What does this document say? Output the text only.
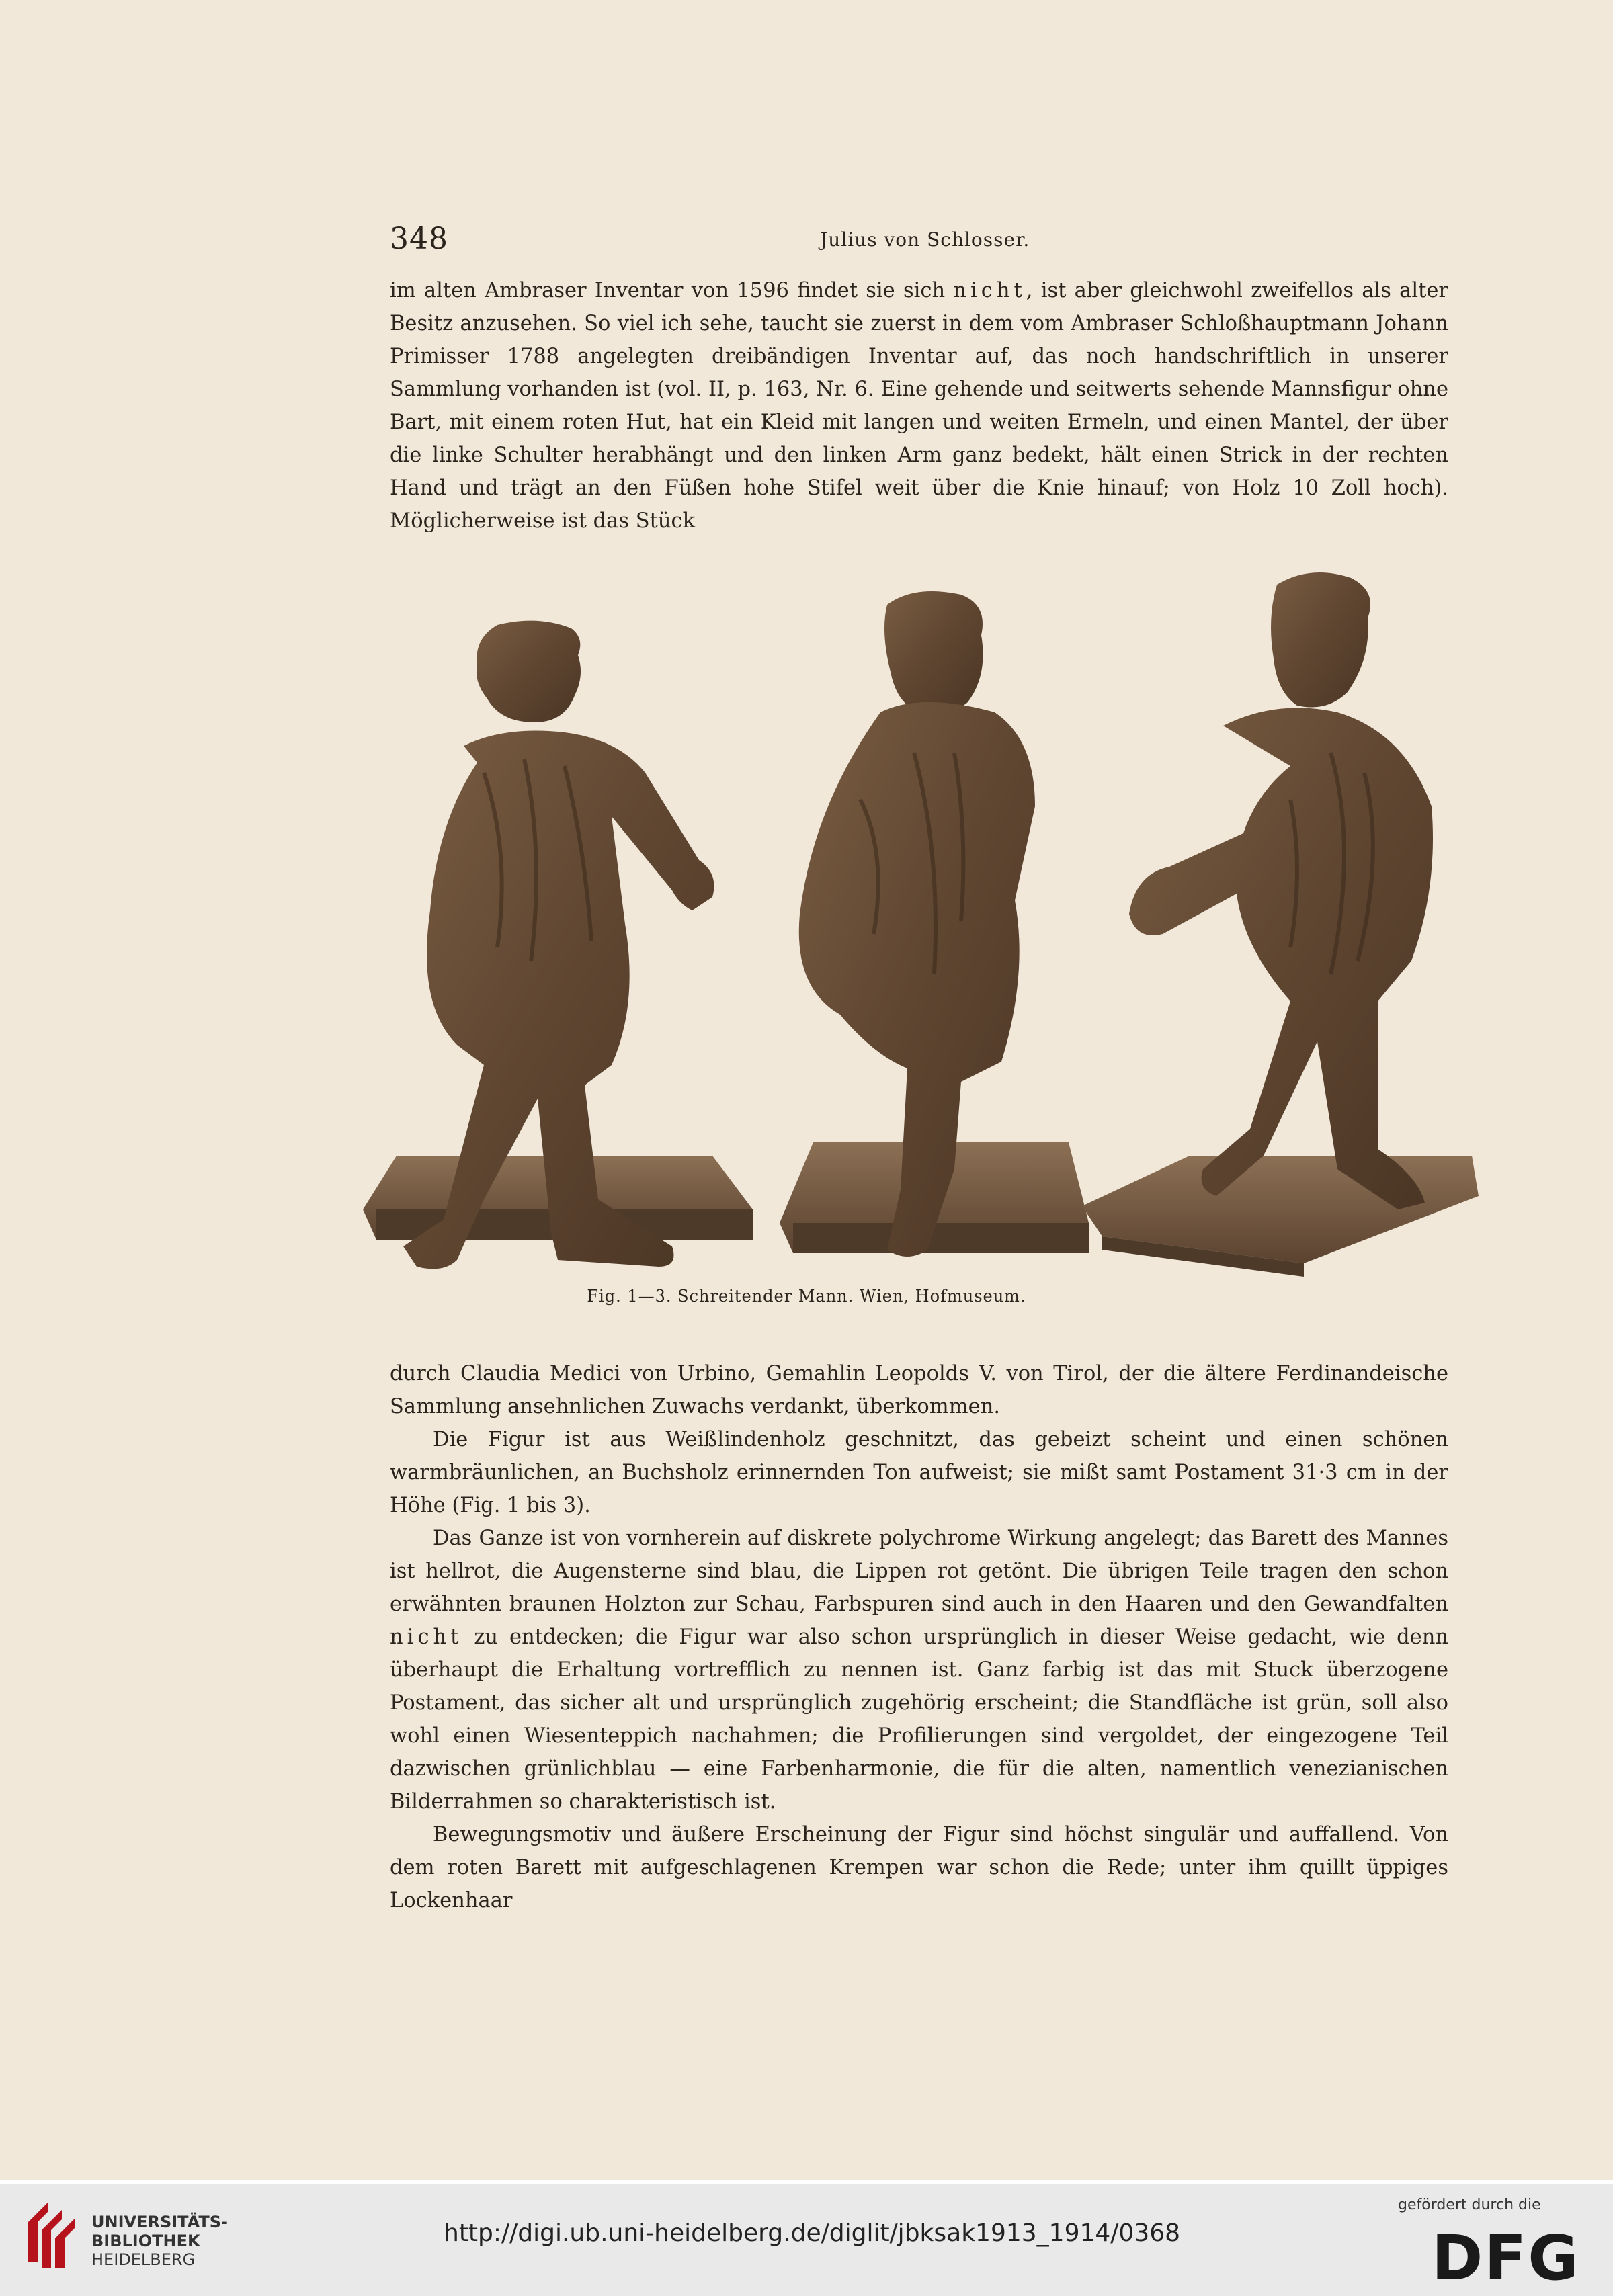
348	Julius von Schlosser.

im alten Ambraser Inventar von 1596 findet sie sich nicht, ist aber gleichwohl zweifellos als alter Besitz anzusehen. So viel ich sehe, taucht sie zuerst in dem vom Ambraser Schloßhauptmann Johann Primisser 1788 angelegten dreibändigen Inventar auf, das noch handschriftlich in unserer Sammlung vorhanden ist (vol. II, p. 163, Nr. 6. Eine gehende und seitwerts sehende Mannsfigur ohne Bart, mit einem roten Hut, hat ein Kleid mit langen und weiten Ermeln, und einen Mantel, der über die linke Schulter herabhängt und den linken Arm ganz bedekt, hält einen Strick in der rechten Hand und trägt an den Füßen hohe Stifel weit über die Knie hinauf; von Holz 10 Zoll hoch). Möglicherweise ist das Stück

Fig. 1—3. Schreitender Mann. Wien, Hofmuseum.

durch Claudia Medici von Urbino, Gemahlin Leopolds V. von Tirol, der die ältere Ferdinandeische Sammlung ansehnlichen Zuwachs verdankt, überkommen.

Die Figur ist aus Weißlindenholz geschnitzt, das gebeizt scheint und einen schönen warmbräunlichen, an Buchsholz erinnernden Ton aufweist; sie mißt samt Postament 31·3 cm in der Höhe (Fig. 1 bis 3).

Das Ganze ist von vornherein auf diskrete polychrome Wirkung angelegt; das Barett des Mannes ist hellrot, die Augensterne sind blau, die Lippen rot getönt. Die übrigen Teile tragen den schon erwähnten braunen Holzton zur Schau, Farbspuren sind auch in den Haaren und den Gewandfalten nicht zu entdecken; die Figur war also schon ursprünglich in dieser Weise gedacht, wie denn überhaupt die Erhaltung vortrefflich zu nennen ist. Ganz farbig ist das mit Stuck überzogene Postament, das sicher alt und ursprünglich zugehörig erscheint; die Standfläche ist grün, soll also wohl einen Wiesenteppich nachahmen; die Profilierungen sind vergoldet, der eingezogene Teil dazwischen grünlichblau — eine Farbenharmonie, die für die alten, namentlich venezianischen Bilderrahmen so charakteristisch ist.

Bewegungsmotiv und äußere Erscheinung der Figur sind höchst singulär und auffallend. Von dem roten Barett mit aufgeschlagenen Krempen war schon die Rede; unter ihm quillt üppiges Lockenhaar

UNIVERSITÄTS-
BIBLIOTHEK
HEIDELBERG
http://digi.ub.uni-heidelberg.de/diglit/jbksak1913_1914/0368
gefördert durch die
DFG
